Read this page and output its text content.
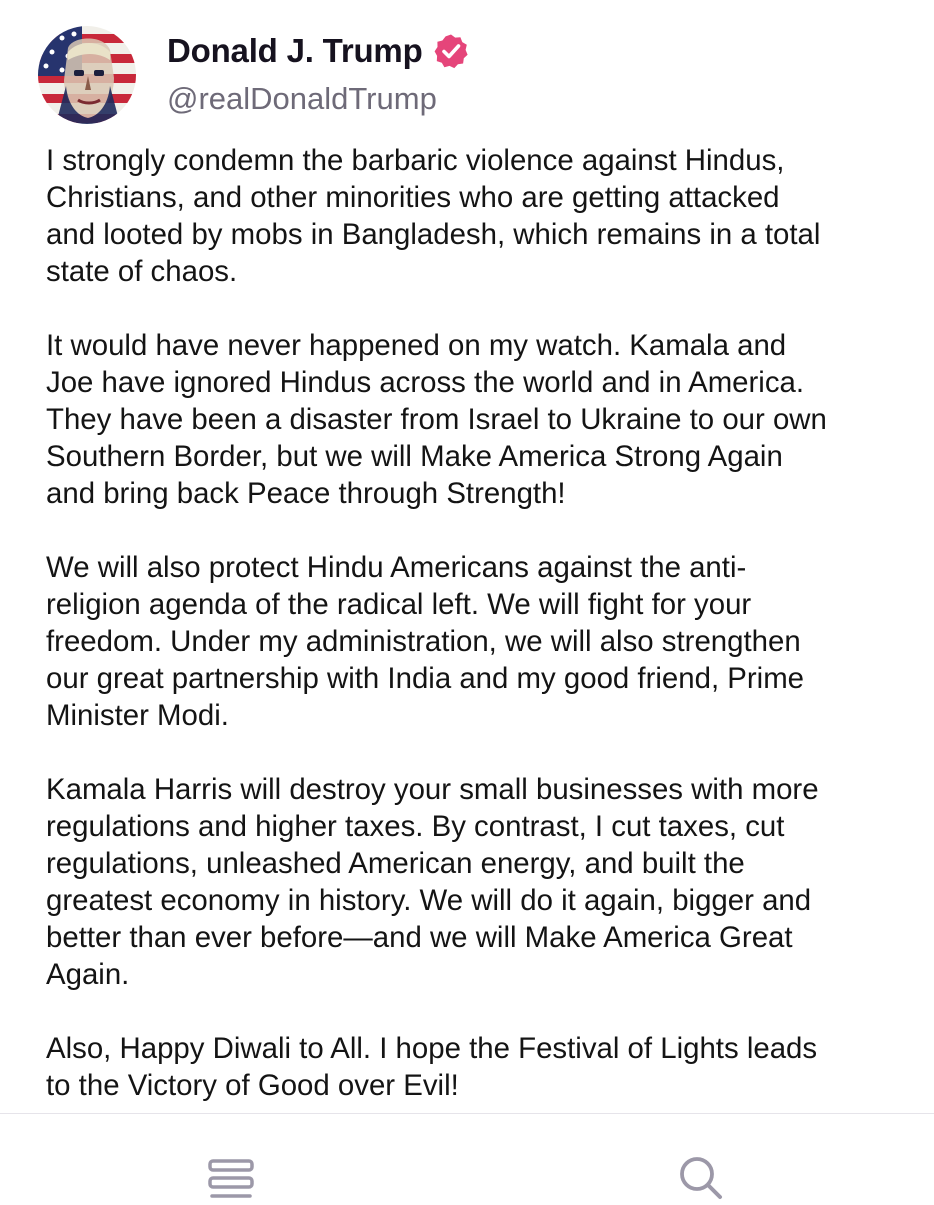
Donald J. Trump
@realDonaldTrump

I strongly condemn the barbaric violence against Hindus,
Christians, and other minorities who are getting attacked
and looted by mobs in Bangladesh, which remains in a total
state of chaos.

It would have never happened on my watch. Kamala and
Joe have ignored Hindus across the world and in America.
They have been a disaster from Israel to Ukraine to our own
Southern Border, but we will Make America Strong Again
and bring back Peace through Strength!

We will also protect Hindu Americans against the anti-
religion agenda of the radical left. We will fight for your
freedom. Under my administration, we will also strengthen
our great partnership with India and my good friend, Prime
Minister Modi.

Kamala Harris will destroy your small businesses with more
regulations and higher taxes. By contrast, I cut taxes, cut
regulations, unleashed American energy, and built the
greatest economy in history. We will do it again, bigger and
better than ever before—and we will Make America Great
Again.

Also, Happy Diwali to All. I hope the Festival of Lights leads
to the Victory of Good over Evil!
